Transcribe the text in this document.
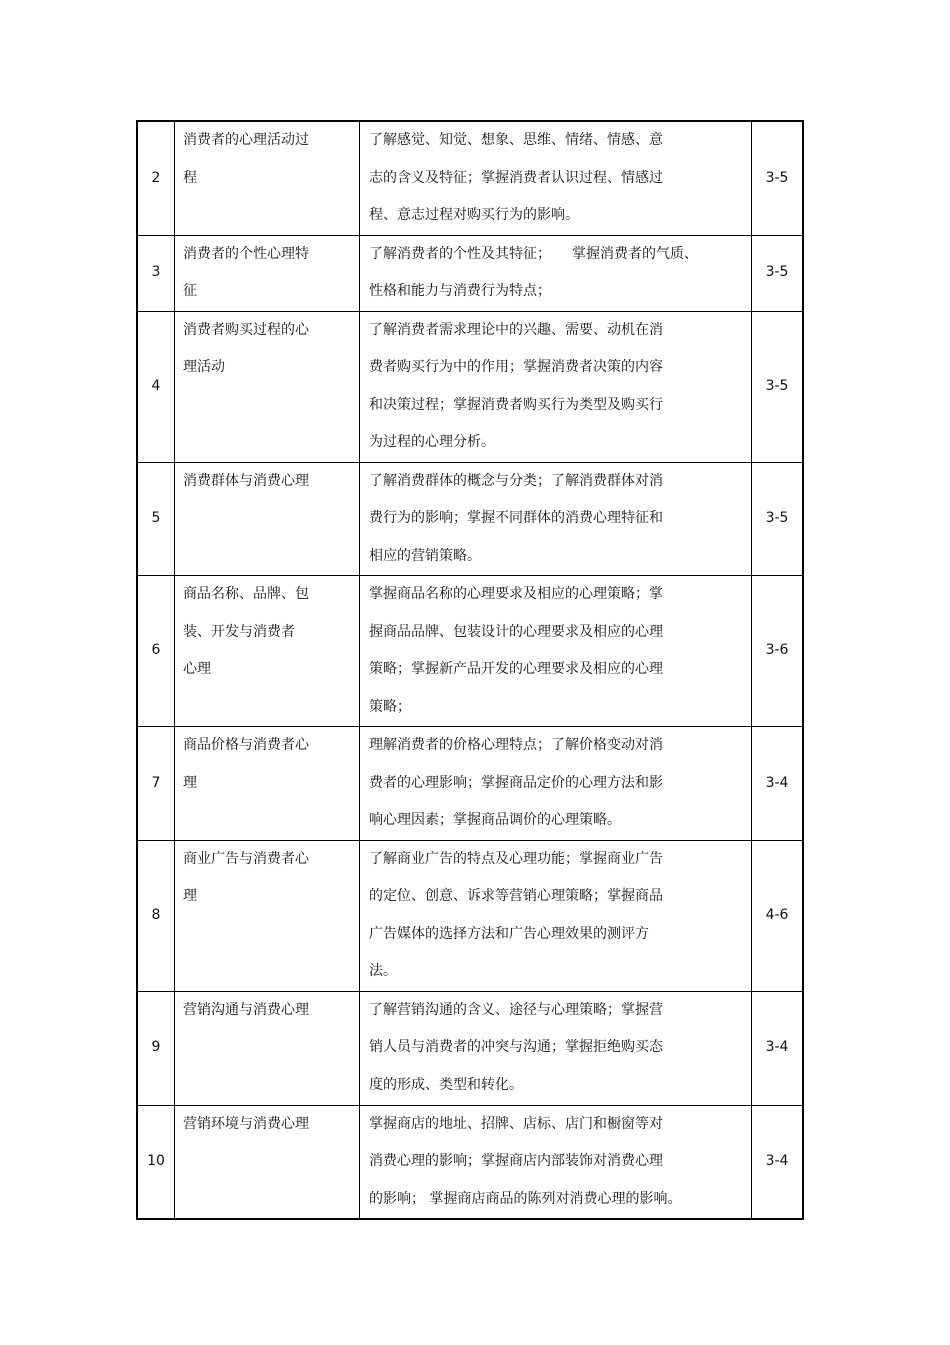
2	消费者的心理活动过
程	了解感觉、知觉、想象、思维、情绪、情感、意
志的含义及特征；掌握消费者认识过程、情感过
程、意志过程对购买行为的影响。	3-5
3	消费者的个性心理特
征	了解消费者的个性及其特征；　　掌握消费者的气质、
性格和能力与消费行为特点；	3-5
4	消费者购买过程的心
理活动	了解消费者需求理论中的兴趣、需要、动机在消
费者购买行为中的作用；掌握消费者决策的内容
和决策过程；掌握消费者购买行为类型及购买行
为过程的心理分析。	3-5
5	消费群体与消费心理	了解消费群体的概念与分类；了解消费群体对消
费行为的影响；掌握不同群体的消费心理特征和
相应的营销策略。	3-5
6	商品名称、品牌、包
装、开发与消费者
心理	掌握商品名称的心理要求及相应的心理策略；掌
握商品品牌、包装设计的心理要求及相应的心理
策略；掌握新产品开发的心理要求及相应的心理
策略；	3-6
7	商品价格与消费者心
理	理解消费者的价格心理特点；了解价格变动对消
费者的心理影响；掌握商品定价的心理方法和影
响心理因素；掌握商品调价的心理策略。	3-4
8	商业广告与消费者心
理	了解商业广告的特点及心理功能；掌握商业广告
的定位、创意、诉求等营销心理策略；掌握商品
广告媒体的选择方法和广告心理效果的测评方
法。	4-6
9	营销沟通与消费心理	了解营销沟通的含义、途径与心理策略；掌握营
销人员与消费者的冲突与沟通；掌握拒绝购买态
度的形成、类型和转化。	3-4
10	营销环境与消费心理	掌握商店的地址、招牌、店标、店门和橱窗等对
消费心理的影响；掌握商店内部装饰对消费心理
的影响； 掌握商店商品的陈列对消费心理的影响。	3-4
